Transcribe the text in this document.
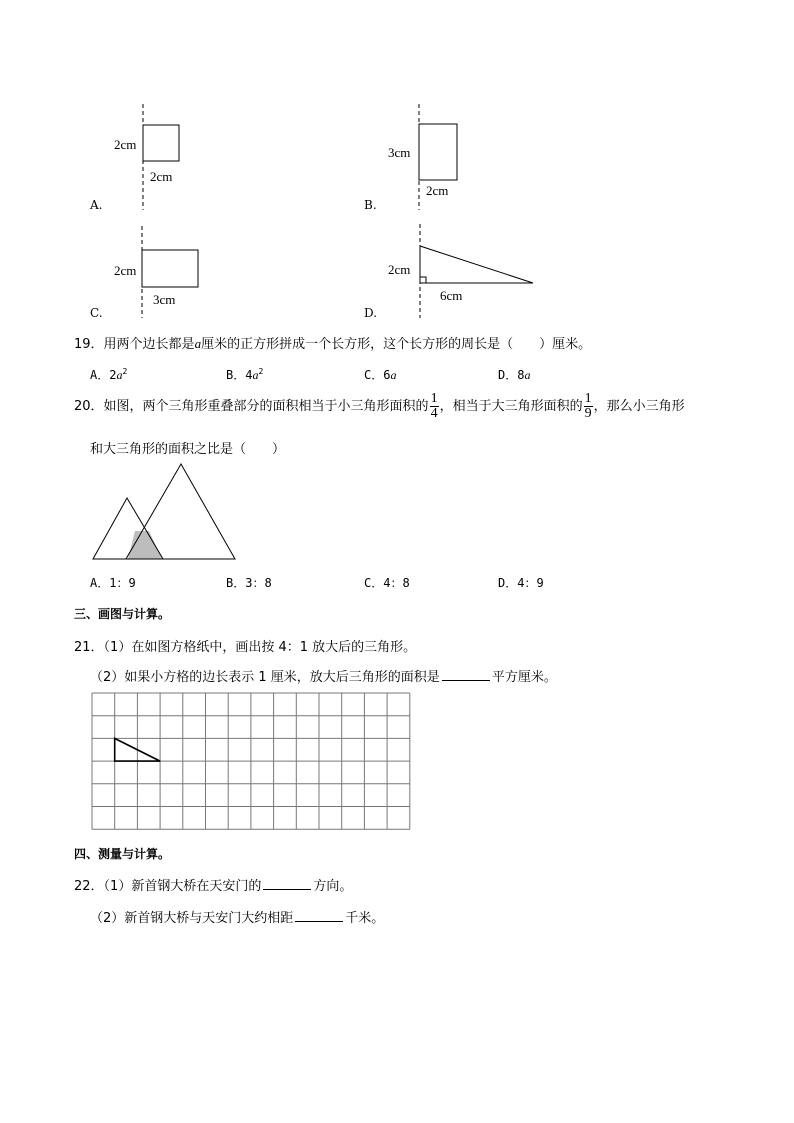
2cm
2cm
A.
3cm
2cm
B.
2cm
3cm
C.
2cm
6cm
D.
19．用两个边长都是a厘米的正方形拼成一个长方形，这个长方形的周长是（　　）厘米。
A．$2a^2$	B．$4a^2$	C．6a	D．8a
20．如图，两个三角形重叠部分的面积相当于小三角形面积的 $\frac{1}{4}$ ，相当于大三角形面积的 $\frac{1}{9}$ ，那么小三角形
和大三角形的面积之比是（　　）
A．1：9	B．3：8	C．4：8	D．4：9
三、画图与计算。
21．（1）在如图方格纸中，画出按 4：1 放大后的三角形。
（2）如果小方格的边长表示 1 厘米，放大后三角形的面积是	平方厘米。
四、测量与计算。
22．（1）新首钢大桥在天安门的	方向。
（2）新首钢大桥与天安门大约相距	千米。
